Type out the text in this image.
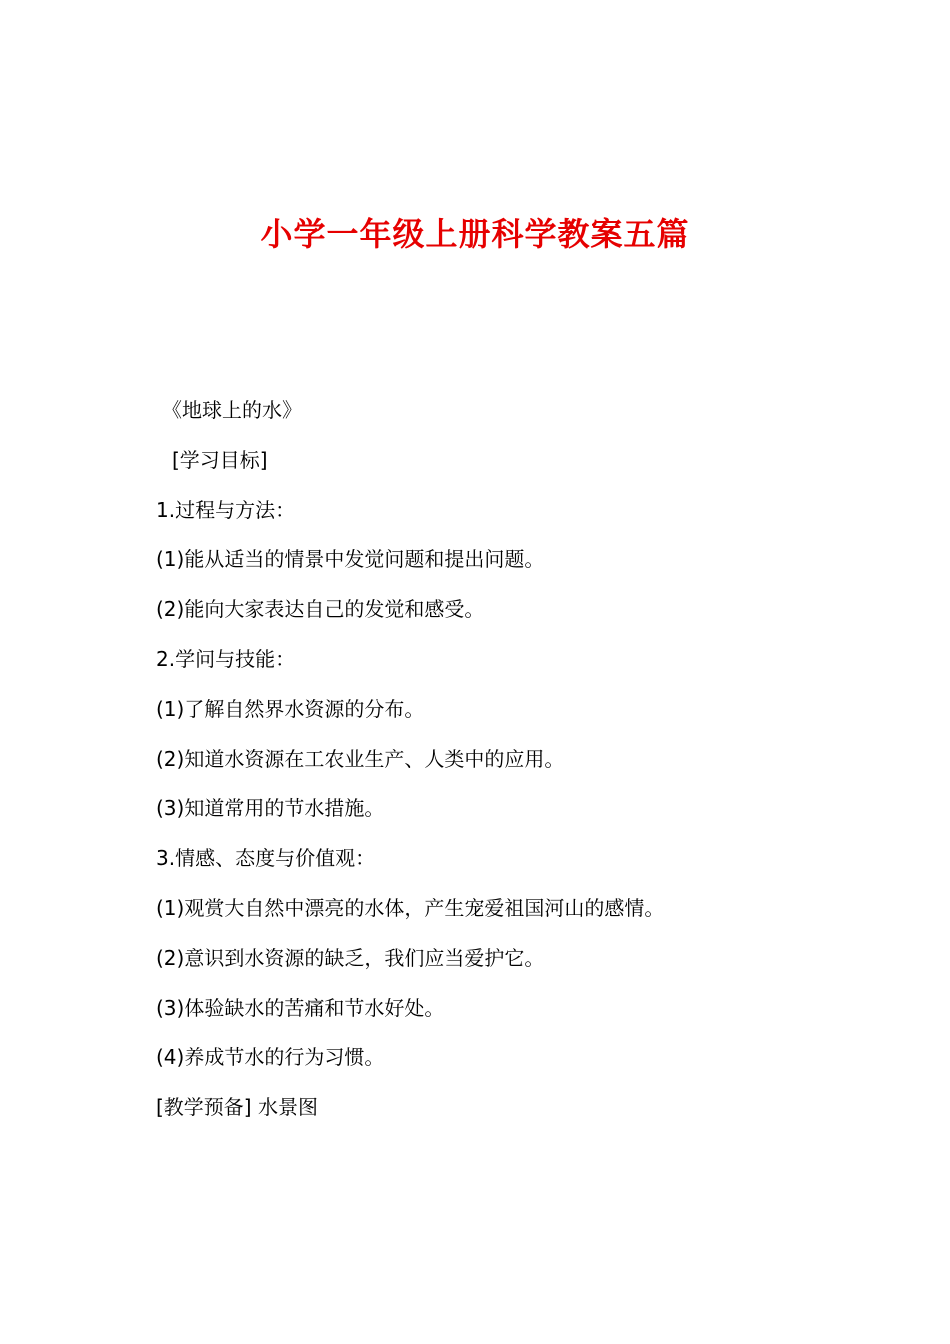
小学一年级上册科学教案五篇
《地球上的水》
[学习目标]
1.过程与方法：
(1)能从适当的情景中发觉问题和提出问题。
(2)能向大家表达自己的发觉和感受。
2.学问与技能：
(1)了解自然界水资源的分布。
(2)知道水资源在工农业生产、人类中的应用。
(3)知道常用的节水措施。
3.情感、态度与价值观：
(1)观赏大自然中漂亮的水体，产生宠爱祖国河山的感情。
(2)意识到水资源的缺乏，我们应当爱护它。
(3)体验缺水的苦痛和节水好处。
(4)养成节水的行为习惯。
[教学预备] 水景图
